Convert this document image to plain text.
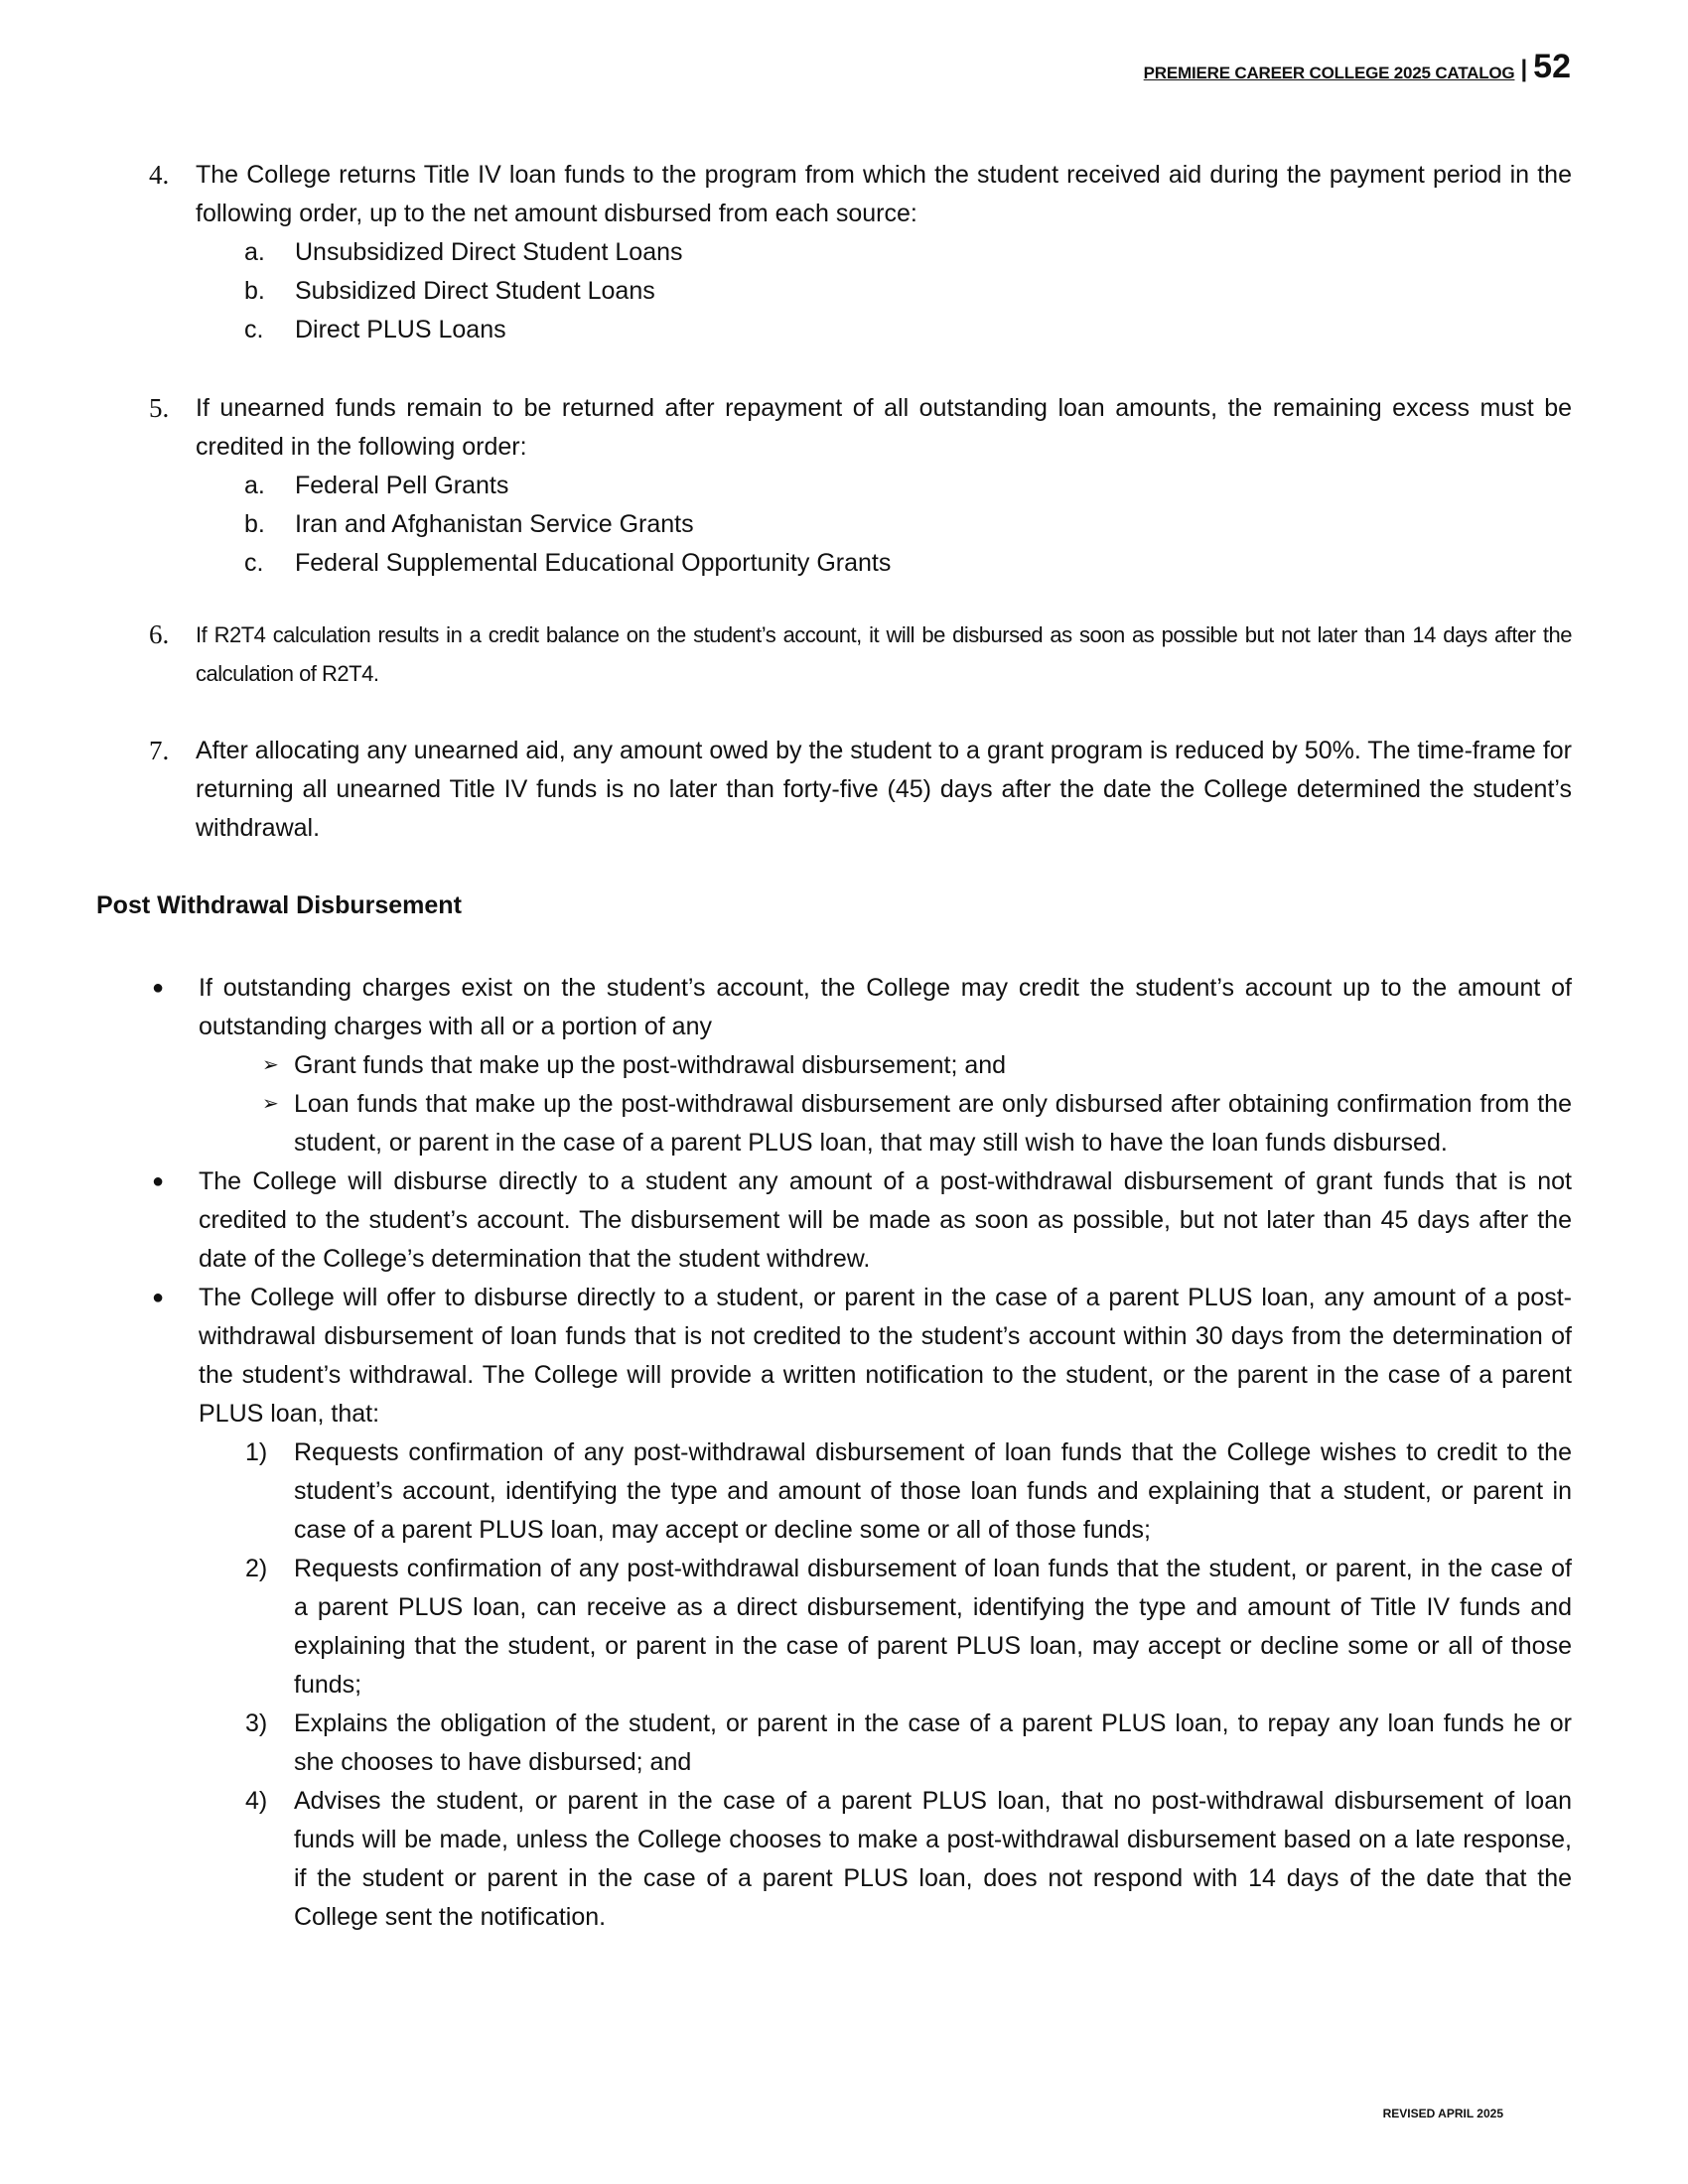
PREMIERE CAREER COLLEGE 2025 CATALOG | 52
4.	The College returns Title IV loan funds to the program from which the student received aid during the payment period in the following order, up to the net amount disbursed from each source:
a.	Unsubsidized Direct Student Loans
b.	Subsidized Direct Student Loans
c.	Direct PLUS Loans
5.	If unearned funds remain to be returned after repayment of all outstanding loan amounts, the remaining excess must be credited in the following order:
a.	Federal Pell Grants
b.	Iran and Afghanistan Service Grants
c.	Federal Supplemental Educational Opportunity Grants
6.	If R2T4 calculation results in a credit balance on the student’s account, it will be disbursed as soon as possible but not later than 14 days after the calculation of R2T4.
7.	After allocating any unearned aid, any amount owed by the student to a grant program is reduced by 50%. The time-frame for returning all unearned Title IV funds is no later than forty-five (45) days after the date the College determined the student’s withdrawal.
Post Withdrawal Disbursement
●	If outstanding charges exist on the student’s account, the College may credit the student’s account up to the amount of outstanding charges with all or a portion of any
➢ Grant funds that make up the post-withdrawal disbursement; and
➢ Loan funds that make up the post-withdrawal disbursement are only disbursed after obtaining confirmation from the student, or parent in the case of a parent PLUS loan, that may still wish to have the loan funds disbursed.
●	The College will disburse directly to a student any amount of a post-withdrawal disbursement of grant funds that is not credited to the student’s account. The disbursement will be made as soon as possible, but not later than 45 days after the date of the College’s determination that the student withdrew.
●	The College will offer to disburse directly to a student, or parent in the case of a parent PLUS loan, any amount of a post-withdrawal disbursement of loan funds that is not credited to the student’s account within 30 days from the determination of the student’s withdrawal. The College will provide a written notification to the student, or the parent in the case of a parent PLUS loan, that:
1)	Requests confirmation of any post-withdrawal disbursement of loan funds that the College wishes to credit to the student’s account, identifying the type and amount of those loan funds and explaining that a student, or parent in case of a parent PLUS loan, may accept or decline some or all of those funds;
2)	Requests confirmation of any post-withdrawal disbursement of loan funds that the student, or parent, in the case of a parent PLUS loan, can receive as a direct disbursement, identifying the type and amount of Title IV funds and explaining that the student, or parent in the case of parent PLUS loan, may accept or decline some or all of those funds;
3)	Explains the obligation of the student, or parent in the case of a parent PLUS loan, to repay any loan funds he or she chooses to have disbursed; and
4)	Advises the student, or parent in the case of a parent PLUS loan, that no post-withdrawal disbursement of loan funds will be made, unless the College chooses to make a post-withdrawal disbursement based on a late response, if the student or parent in the case of a parent PLUS loan, does not respond with 14 days of the date that the College sent the notification.
REVISED APRIL 2025
